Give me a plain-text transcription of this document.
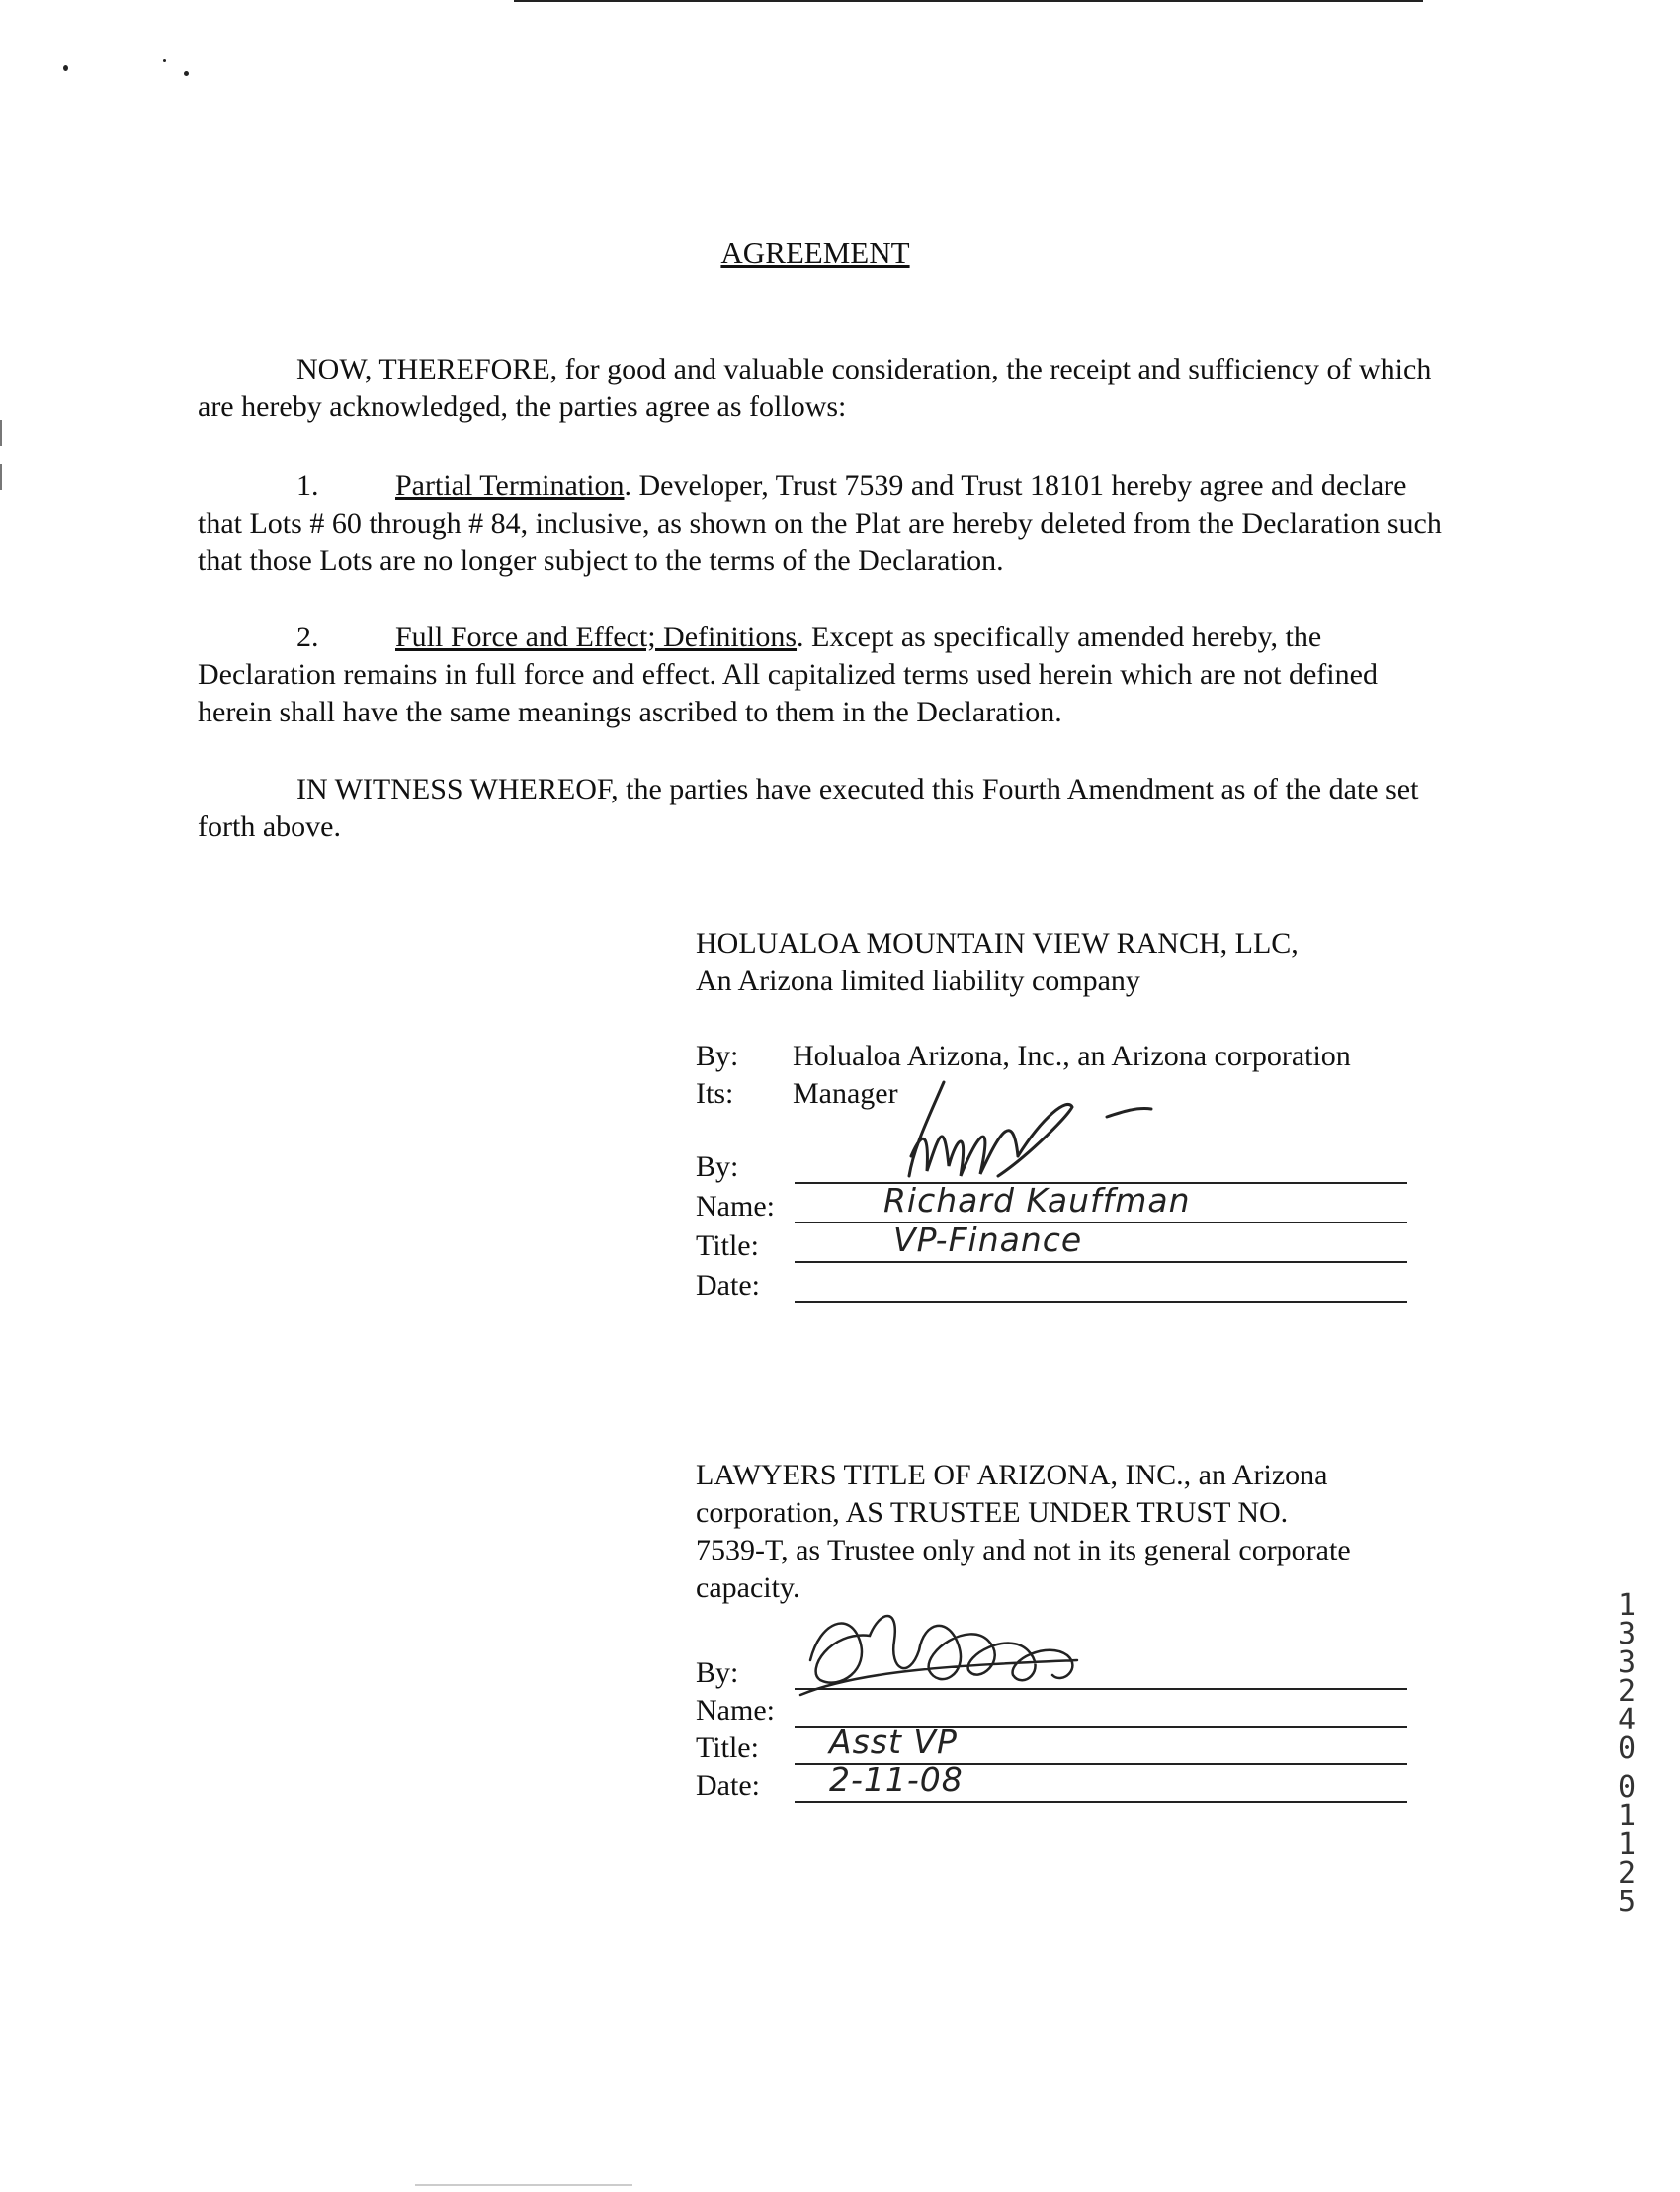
AGREEMENT

NOW, THEREFORE, for good and valuable consideration, the receipt and sufficiency of which are hereby acknowledged, the parties agree as follows:

1.	Partial Termination. Developer, Trust 7539 and Trust 18101 hereby agree and declare that Lots # 60 through # 84, inclusive, as shown on the Plat are hereby deleted from the Declaration such that those Lots are no longer subject to the terms of the Declaration.

2.	Full Force and Effect; Definitions. Except as specifically amended hereby, the Declaration remains in full force and effect. All capitalized terms used herein which are not defined herein shall have the same meanings ascribed to them in the Declaration.

IN WITNESS WHEREOF, the parties have executed this Fourth Amendment as of the date set forth above.

HOLUALOA MOUNTAIN VIEW RANCH, LLC,
An Arizona limited liability company
By: Holualoa Arizona, Inc., an Arizona corporation
Its: Manager
By:
Name:	Richard Kauffman
Title:	VP-Finance
Date:
LAWYERS TITLE OF ARIZONA, INC., an Arizona
corporation, AS TRUSTEE UNDER TRUST NO.
7539-T, as Trustee only and not in its general corporate
capacity.
By:
Name:
Title:	Asst VP
Date:	2-11-08
1
3
3
2
4
0
0
1
1
2
5
